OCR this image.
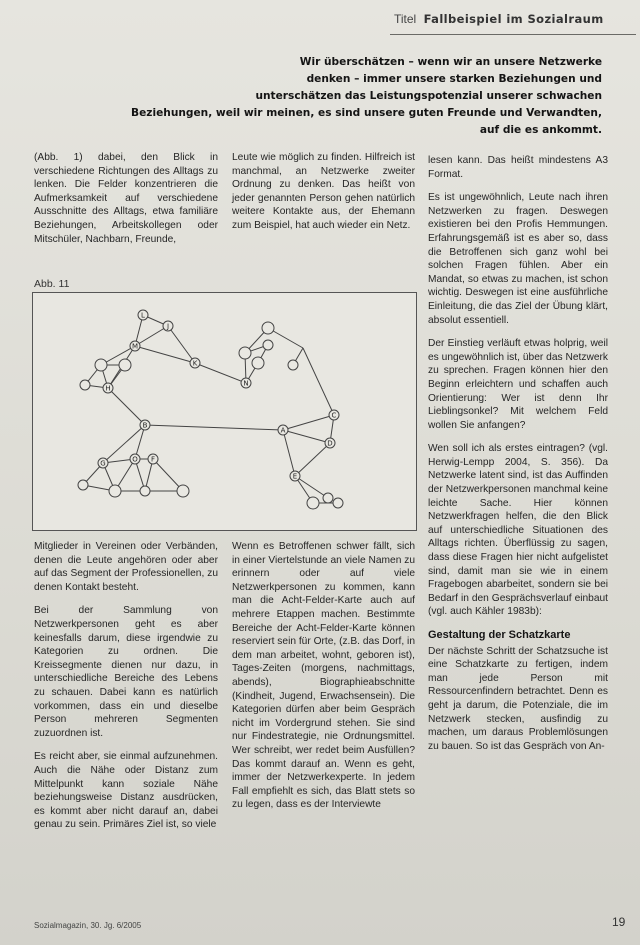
Titel Fallbeispiel im Sozialraum
Wir überschätzen – wenn wir an unsere Netzwerke
denken – immer unsere starken Beziehungen und
unterschätzen das Leistungspotenzial unserer schwachen
Beziehungen, weil wir meinen, es sind unsere guten Freunde und Verwandten,
auf die es ankommt.

(Abb. 1) dabei, den Blick in verschiedene Richtungen des Alltags zu lenken. Die Felder konzentrieren die Aufmerksamkeit auf verschiedene Ausschnitte des Alltags, etwa familiäre Beziehungen, Arbeitskollegen oder Mitschüler, Nachbarn, Freunde,

Leute wie möglich zu finden. Hilfreich ist manchmal, an Netzwerke zweiter Ordnung zu denken. Das heißt von jeder genannten Person gehen natürlich weitere Kontakte aus, der Ehemann zum Beispiel, hat auch wieder ein Netz.

Abb. 11
L
J
M
K
H
N
B
A
C
D
G	O F
E

Mitglieder in Vereinen oder Verbänden, denen die Leute angehören oder aber auf das Segment der Professionellen, zu denen Kontakt besteht.

Bei der Sammlung von Netzwerkpersonen geht es aber keinesfalls darum, diese irgendwie zu Kategorien zu ordnen. Die Kreissegmente dienen nur dazu, in unterschiedliche Bereiche des Lebens zu schauen. Dabei kann es natürlich vorkommen, dass ein und dieselbe Person mehreren Segmenten zuzuordnen ist.

Es reicht aber, sie einmal aufzunehmen. Auch die Nähe oder Distanz zum Mittelpunkt kann soziale Nähe beziehungsweise Distanz ausdrücken, es kommt aber nicht darauf an, dabei genau zu sein. Primäres Ziel ist, so viele

Wenn es Betroffenen schwer fällt, sich in einer Viertelstunde an viele Namen zu erinnern oder auf viele Netzwerkpersonen zu kommen, kann man die Acht-Felder-Karte auch auf mehrere Etappen machen. Bestimmte Bereiche der Acht-Felder-Karte können reserviert sein für Orte, (z.B. das Dorf, in dem man arbeitet, wohnt, geboren ist), Tages-Zeiten (morgens, nachmittags, abends), Biographieabschnitte (Kindheit, Jugend, Erwachsensein). Die Kategorien dürfen aber beim Gespräch nicht im Vordergrund stehen. Sie sind nur Findestrategie, nie Ordnungsmittel. Wer schreibt, wer redet beim Ausfüllen? Das kommt darauf an. Wenn es geht, immer der Netzwerkexperte. In jedem Fall empfiehlt es sich, das Blatt stets so zu legen, dass es der Interviewte

lesen kann. Das heißt mindestens A3 Format.

Es ist ungewöhnlich, Leute nach ihren Netzwerken zu fragen. Deswegen existieren bei den Profis Hemmungen. Erfahrungsgemäß ist es aber so, dass die Betroffenen sich ganz wohl bei solchen Fragen fühlen. Aber ein Mandat, so etwas zu machen, ist schon wichtig. Deswegen ist eine ausführliche Einleitung, die das Ziel der Übung klärt, absolut essentiell.

Der Einstieg verläuft etwas holprig, weil es ungewöhnlich ist, über das Netzwerk zu sprechen. Fragen können hier den Beginn erleichtern und schaffen auch Orientierung: Wer ist denn Ihr Lieblingsonkel? Mit welchem Feld wollen Sie anfangen?

Wen soll ich als erstes eintragen? (vgl. Herwig-Lempp 2004, S. 356). Da Netzwerke latent sind, ist das Auffinden der Netzwerkpersonen manchmal keine leichte Sache. Hier können Netzwerkfragen helfen, die den Blick auf unterschiedliche Situationen des Alltags richten. Überflüssig zu sagen, dass diese Fragen hier nicht aufgelistet sind, damit man sie wie in einem Fragebogen abarbeitet, sondern sie bei Bedarf in den Gesprächsverlauf einbaut (vgl. auch Kähler 1983b):

Gestaltung der Schatzkarte

Der nächste Schritt der Schatzsuche ist eine Schatzkarte zu fertigen, indem man jede Person mit Ressourcenfindern betrachtet. Denn es geht ja darum, die Potenziale, die im Netzwerk stecken, ausfindig zu machen, um daraus Problemlösungen zu bauen. So ist das Gespräch von An-

Sozialmagazin, 30. Jg. 6/2005	19
